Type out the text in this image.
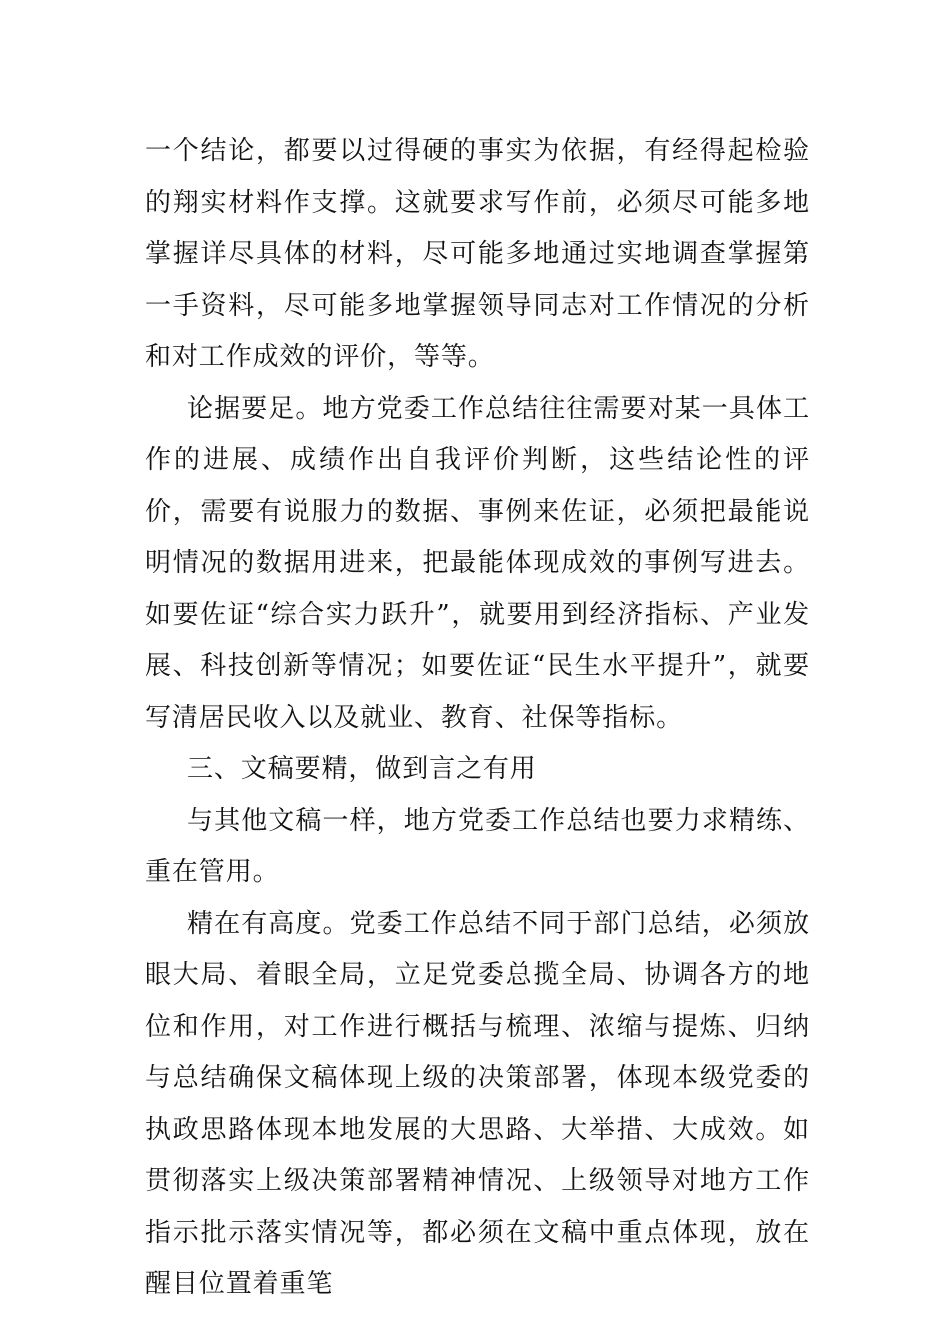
一个结论，都要以过得硬的事实为依据，有经得起检验的翔实材料作支撑。这就要求写作前，必须尽可能多地掌握详尽具体的材料，尽可能多地通过实地调查掌握第一手资料，尽可能多地掌握领导同志对工作情况的分析和对工作成效的评价，等等。

论据要足。地方党委工作总结往往需要对某一具体工作的进展、成绩作出自我评价判断，这些结论性的评价，需要有说服力的数据、事例来佐证，必须把最能说明情况的数据用进来，把最能体现成效的事例写进去。如要佐证“综合实力跃升”，就要用到经济指标、产业发展、科技创新等情况；如要佐证“民生水平提升”，就要写清居民收入以及就业、教育、社保等指标。

三、文稿要精，做到言之有用

与其他文稿一样，地方党委工作总结也要力求精练、重在管用。

精在有高度。党委工作总结不同于部门总结，必须放眼大局、着眼全局，立足党委总揽全局、协调各方的地位和作用，对工作进行概括与梳理、浓缩与提炼、归纳与总结确保文稿体现上级的决策部署，体现本级党委的执政思路体现本地发展的大思路、大举措、大成效。如贯彻落实上级决策部署精神情况、上级领导对地方工作指示批示落实情况等，都必须在文稿中重点体现，放在醒目位置着重笔
